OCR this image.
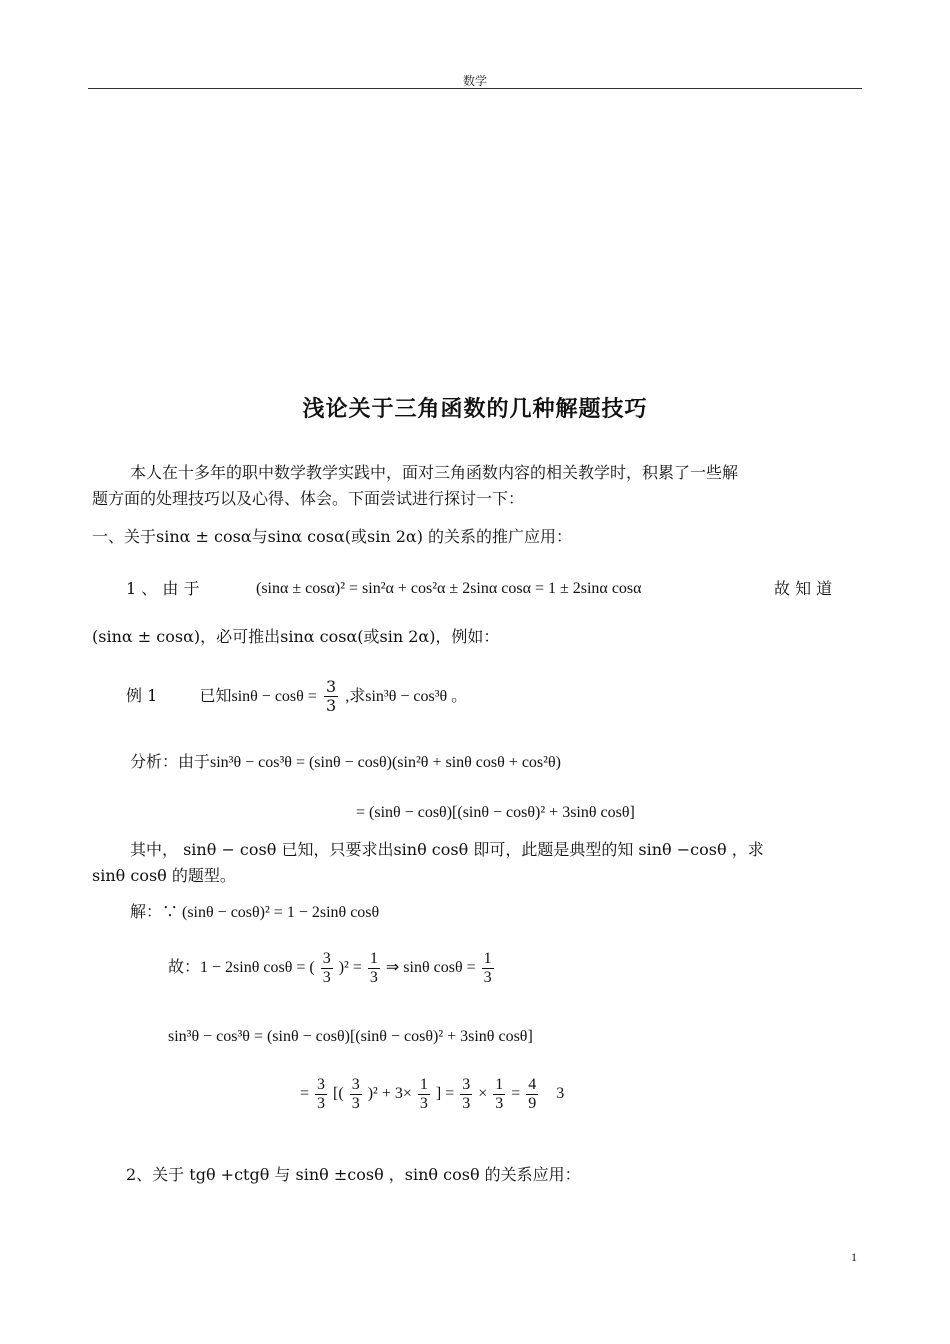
数学
浅论关于三角函数的几种解题技巧
本人在十多年的职中数学教学实践中，面对三角函数内容的相关教学时，积累了一些解
题方面的处理技巧以及心得、体会。下面尝试进行探讨一下：
一、关于sinα ± cosα与sinα cosα(或sin 2α) 的关系的推广应用：
1 、 由 于	(sinα ± cosα)² = sin²α + cos²α ± 2sinα cosα = 1 ± 2sinα cosα	故 知 道
(sinα ± cosα)，必可推出sinα cosα(或sin 2α)，例如：
例 1	已知$\sin\theta - \cos\theta = \frac{3}{3}$ ,求sin³θ − cos³θ 。
分析：由于sin³θ − cos³θ = (sinθ − cosθ)(sin²θ + sinθ cosθ + cos²θ)
= (sinθ − cosθ)[(sinθ − cosθ)² + 3sinθ cosθ]
其中， sinθ − cosθ 已知，只要求出sinθ cosθ 即可，此题是典型的知 sinθ −cosθ ，求
sinθ cosθ 的题型。
解：∵ (sinθ − cosθ)² = 1 − 2sinθ cosθ
故：1 − 2sinθ cosθ = ( $\frac{3}{3} )^2 = \frac{1}{3}$ ⇒ sinθ $\cos\theta = \frac{1}{3}$
sin³θ − cos³θ = (sinθ − cosθ)[(sinθ − cosθ)² + 3sinθ cosθ]
= $\frac{3}{3}$ [( $\frac{3}{3} )^2 + 3\times \frac{1}{3}$ ] = $\frac{3}{3} \times \frac{1}{3} = \frac{4}{9} 3$
2、关于 tgθ +ctgθ 与 sinθ ±cosθ ，sinθ cosθ 的关系应用：
1
